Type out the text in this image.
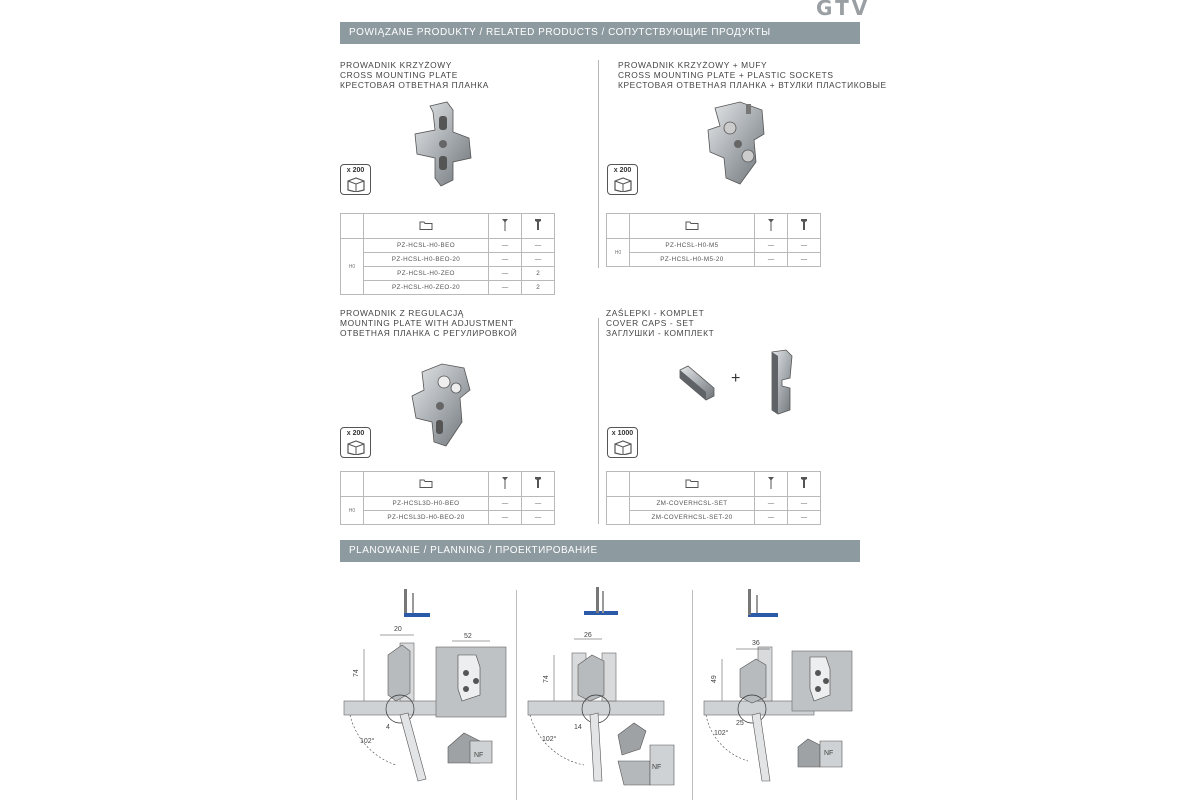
GTV
POWIĄZANE PRODUKTY / RELATED PRODUCTS / СОПУТСТВУЮЩИЕ ПРОДУКТЫ
PROWADNIK KRZYŻOWY
CROSS MOUNTING PLATE
КРЕСТОВАЯ ОТВЕТНАЯ ПЛАНКА
x 200

H0	PZ-HCSL-H0-BEO	—	—
	PZ-HCSL-H0-BEO-20	—	—
	PZ-HCSL-H0-ZEO	—	2
	PZ-HCSL-H0-ZEO-20	—	2
PROWADNIK KRZYŻOWY + MUFY
CROSS MOUNTING PLATE + PLASTIC SOCKETS
КРЕСТОВАЯ ОТВЕТНАЯ ПЛАНКА + ВТУЛКИ ПЛАСТИКОВЫЕ
x 200

H0	PZ-HCSL-H0-M5	—	—
	PZ-HCSL-H0-M5-20	—	—
PROWADNIK Z REGULACJĄ
MOUNTING PLATE WITH ADJUSTMENT
ОТВЕТНАЯ ПЛАНКА С РЕГУЛИРОВКОЙ
x 200

H0	PZ-HCSL3D-H0-BEO	—	—
	PZ-HCSL3D-H0-BEO-20	—	—
ZAŚLEPKI - KOMPLET
COVER CAPS - SET
ЗАГЛУШКИ - КОМПЛЕКТ
+
x 1000

	ZM-COVERHCSL-SET	—	—
	ZM-COVERHCSL-SET-20	—	—
PLANOWANIE / PLANNING / ПРОЕКТИРОВАНИЕ
74
20
4
102°
52
NF
74
26
14
102°
NF
49
36
25
102°
NF
